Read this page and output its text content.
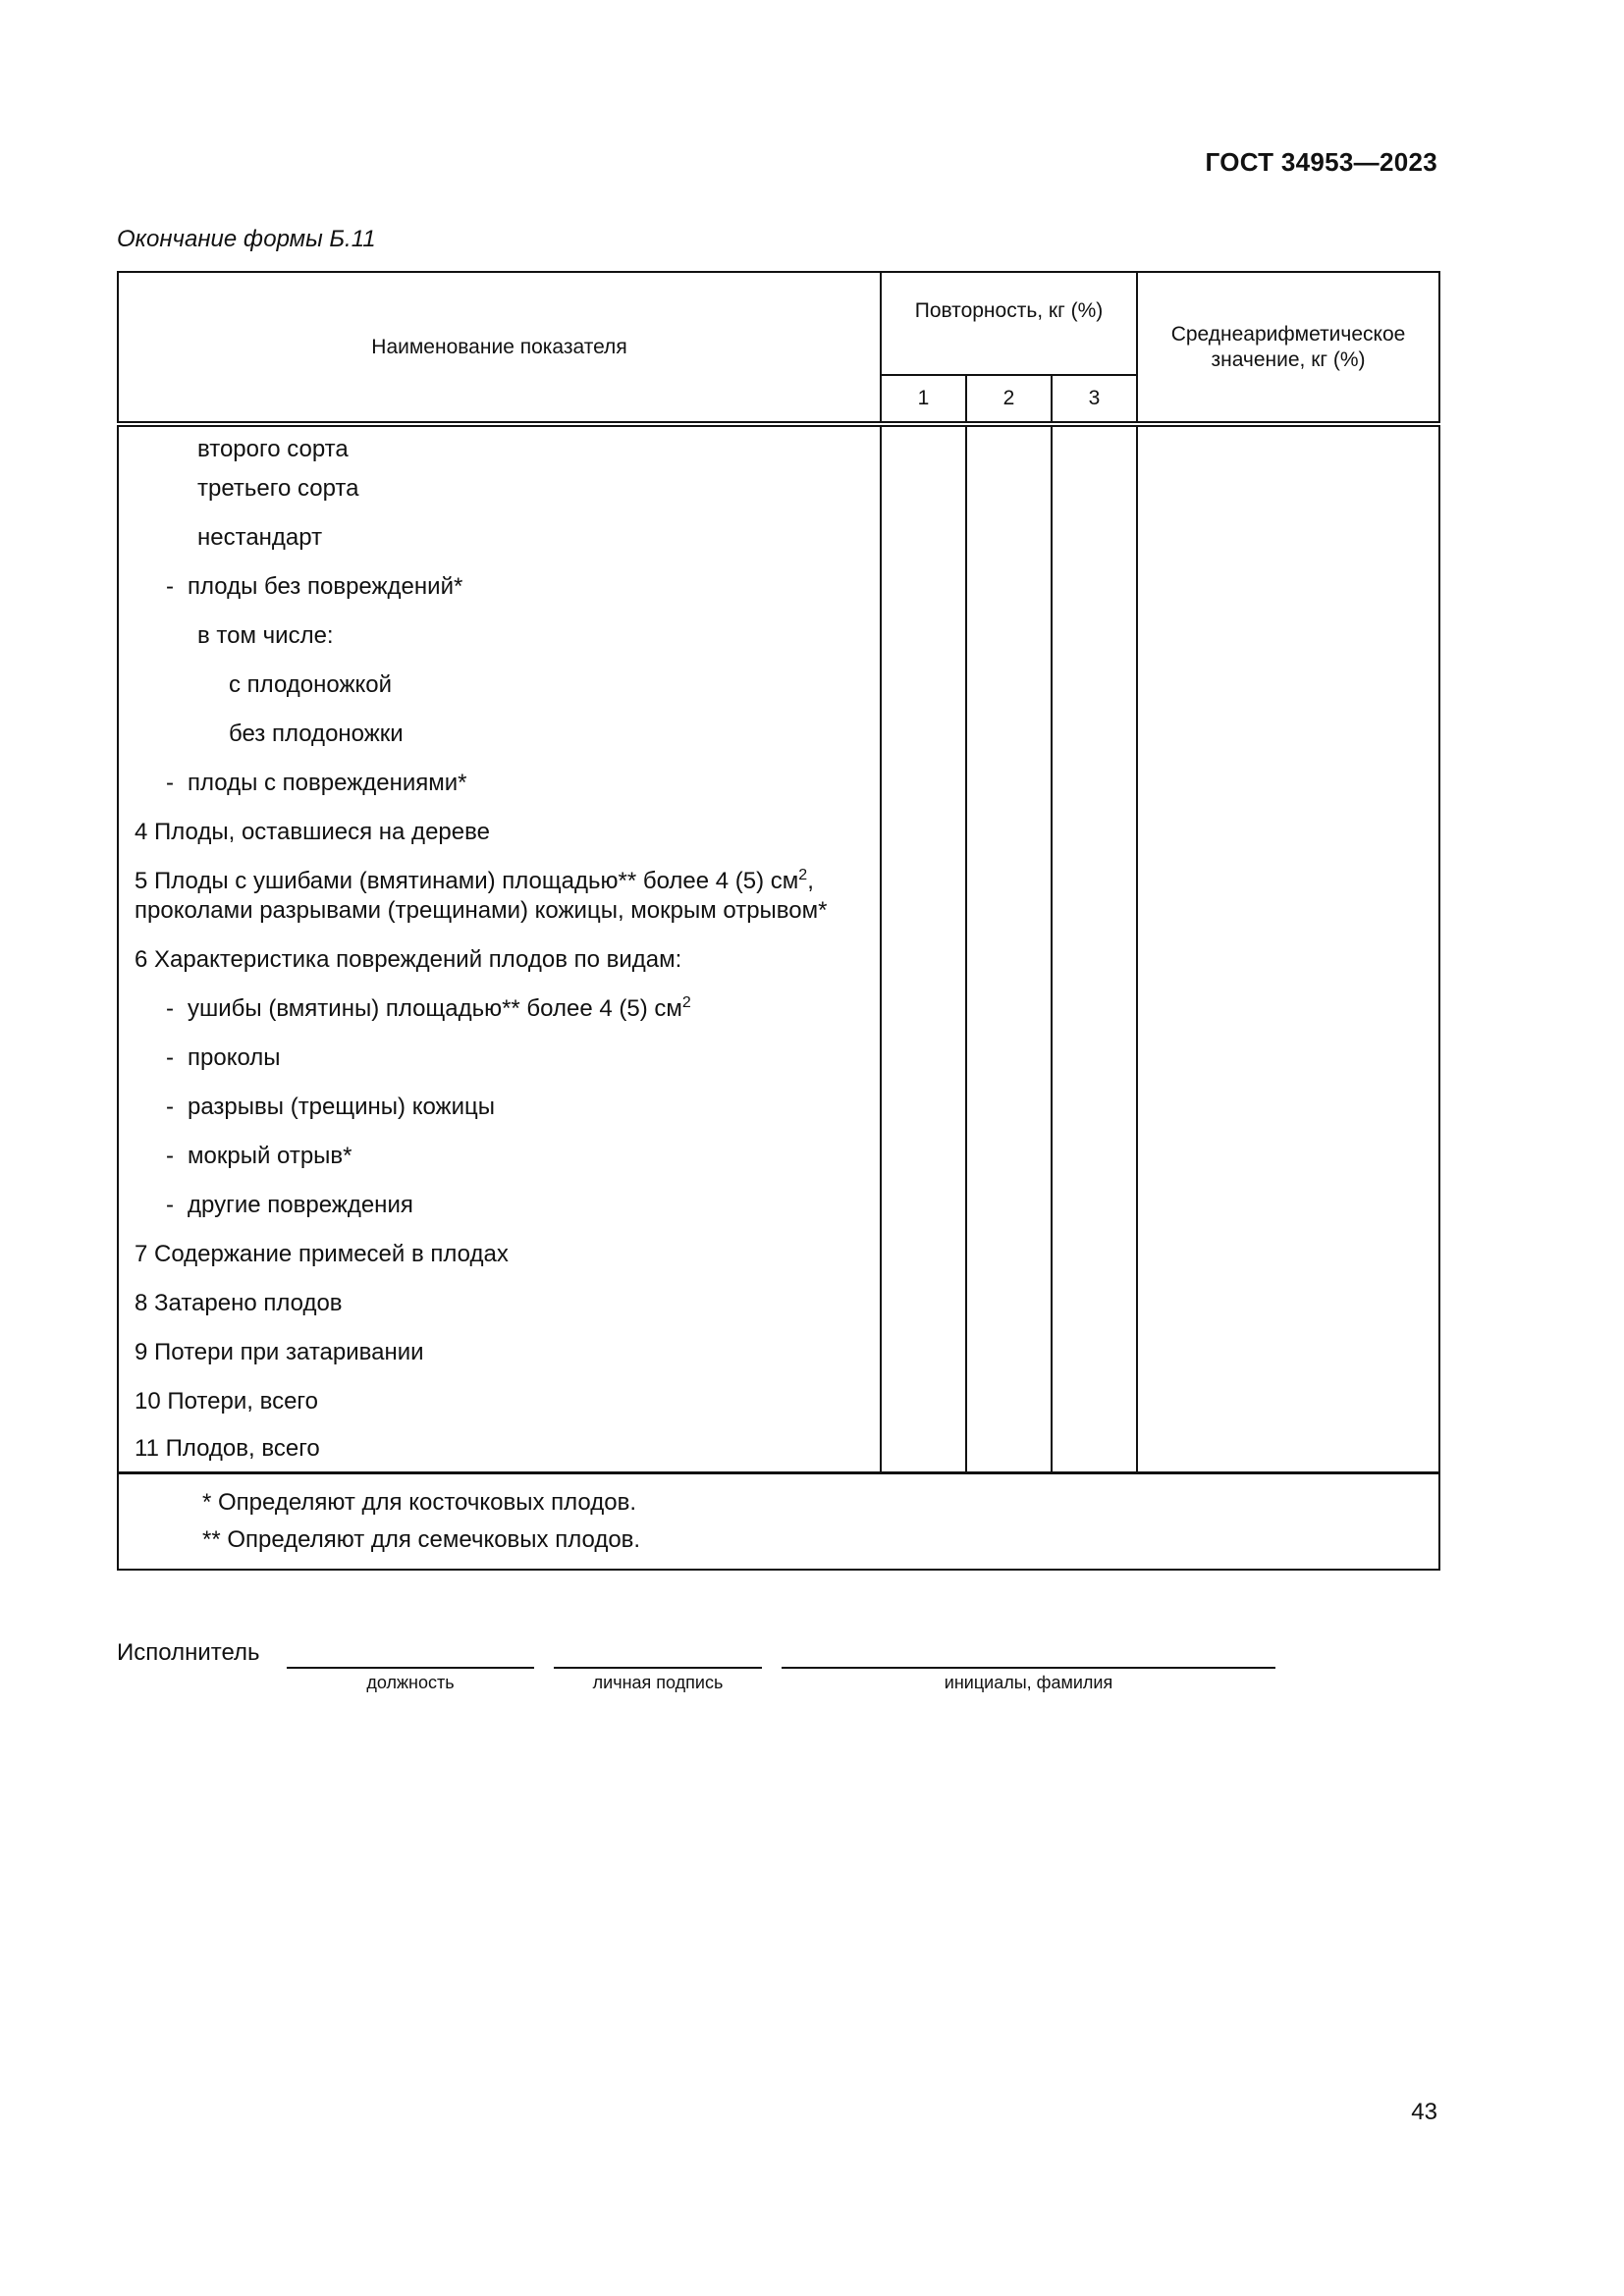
ГОСТ 34953—2023
Окончание формы Б.11
Наименование показателя	Повторность, кг (%)			Среднеарифметическое значение, кг (%)
	1	2	3	
второго сорта				
третьего сорта				
нестандарт				
- плоды без повреждений*				
в том числе:				
с плодоножкой				
без плодоножки				
- плоды с повреждениями*				
4 Плоды, оставшиеся на дереве				
5 Плоды с ушибами (вмятинами) площадью** более 4 (5) $см^2$,
проколами разрывами (трещинами) кожицы, мокрым отрывом*				
6 Характеристика повреждений плодов по видам:				
- ушибы (вмятины) площадью** более 4 (5) $см^2$				
- проколы				
- разрывы (трещины) кожицы				
- мокрый отрыв*				
- другие повреждения				
7 Содержание примесей в плодах				
8 Затарено плодов				
9 Потери при затаривании				
10 Потери, всего				
11 Плодов, всего				

* Определяют для косточковых плодов.
** Определяют для семечковых плодов.				
Исполнитель
должность	личная подпись	инициалы, фамилия
43
